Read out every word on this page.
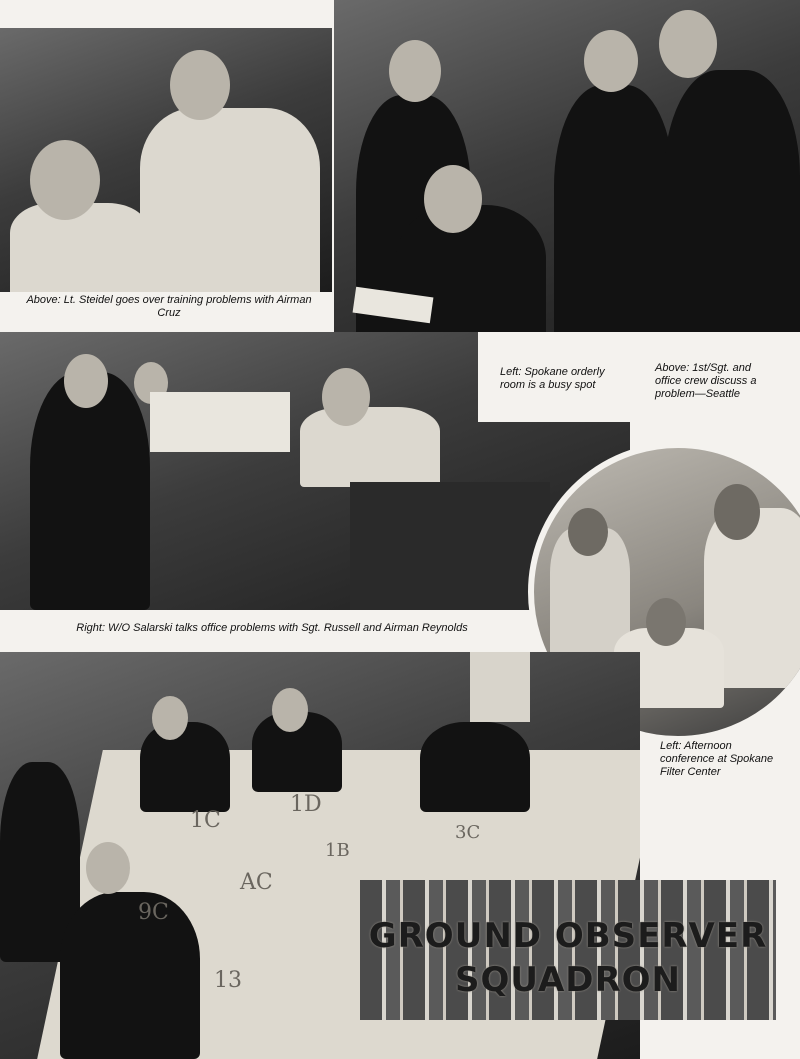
Above: Lt. Steidel goes over training problems with Airman Cruz
Left: Spokane orderly room is a busy spot
Above: 1st/Sgt. and office crew discuss a problem—Seattle
Right: W/O Salarski talks office problems with Sgt. Russell and Airman Reynolds
1D
1C
9C
AC
13
3C
1B
Left: Afternoon conference at Spokane Filter Center
GROUND OBSERVER
SQUADRON
